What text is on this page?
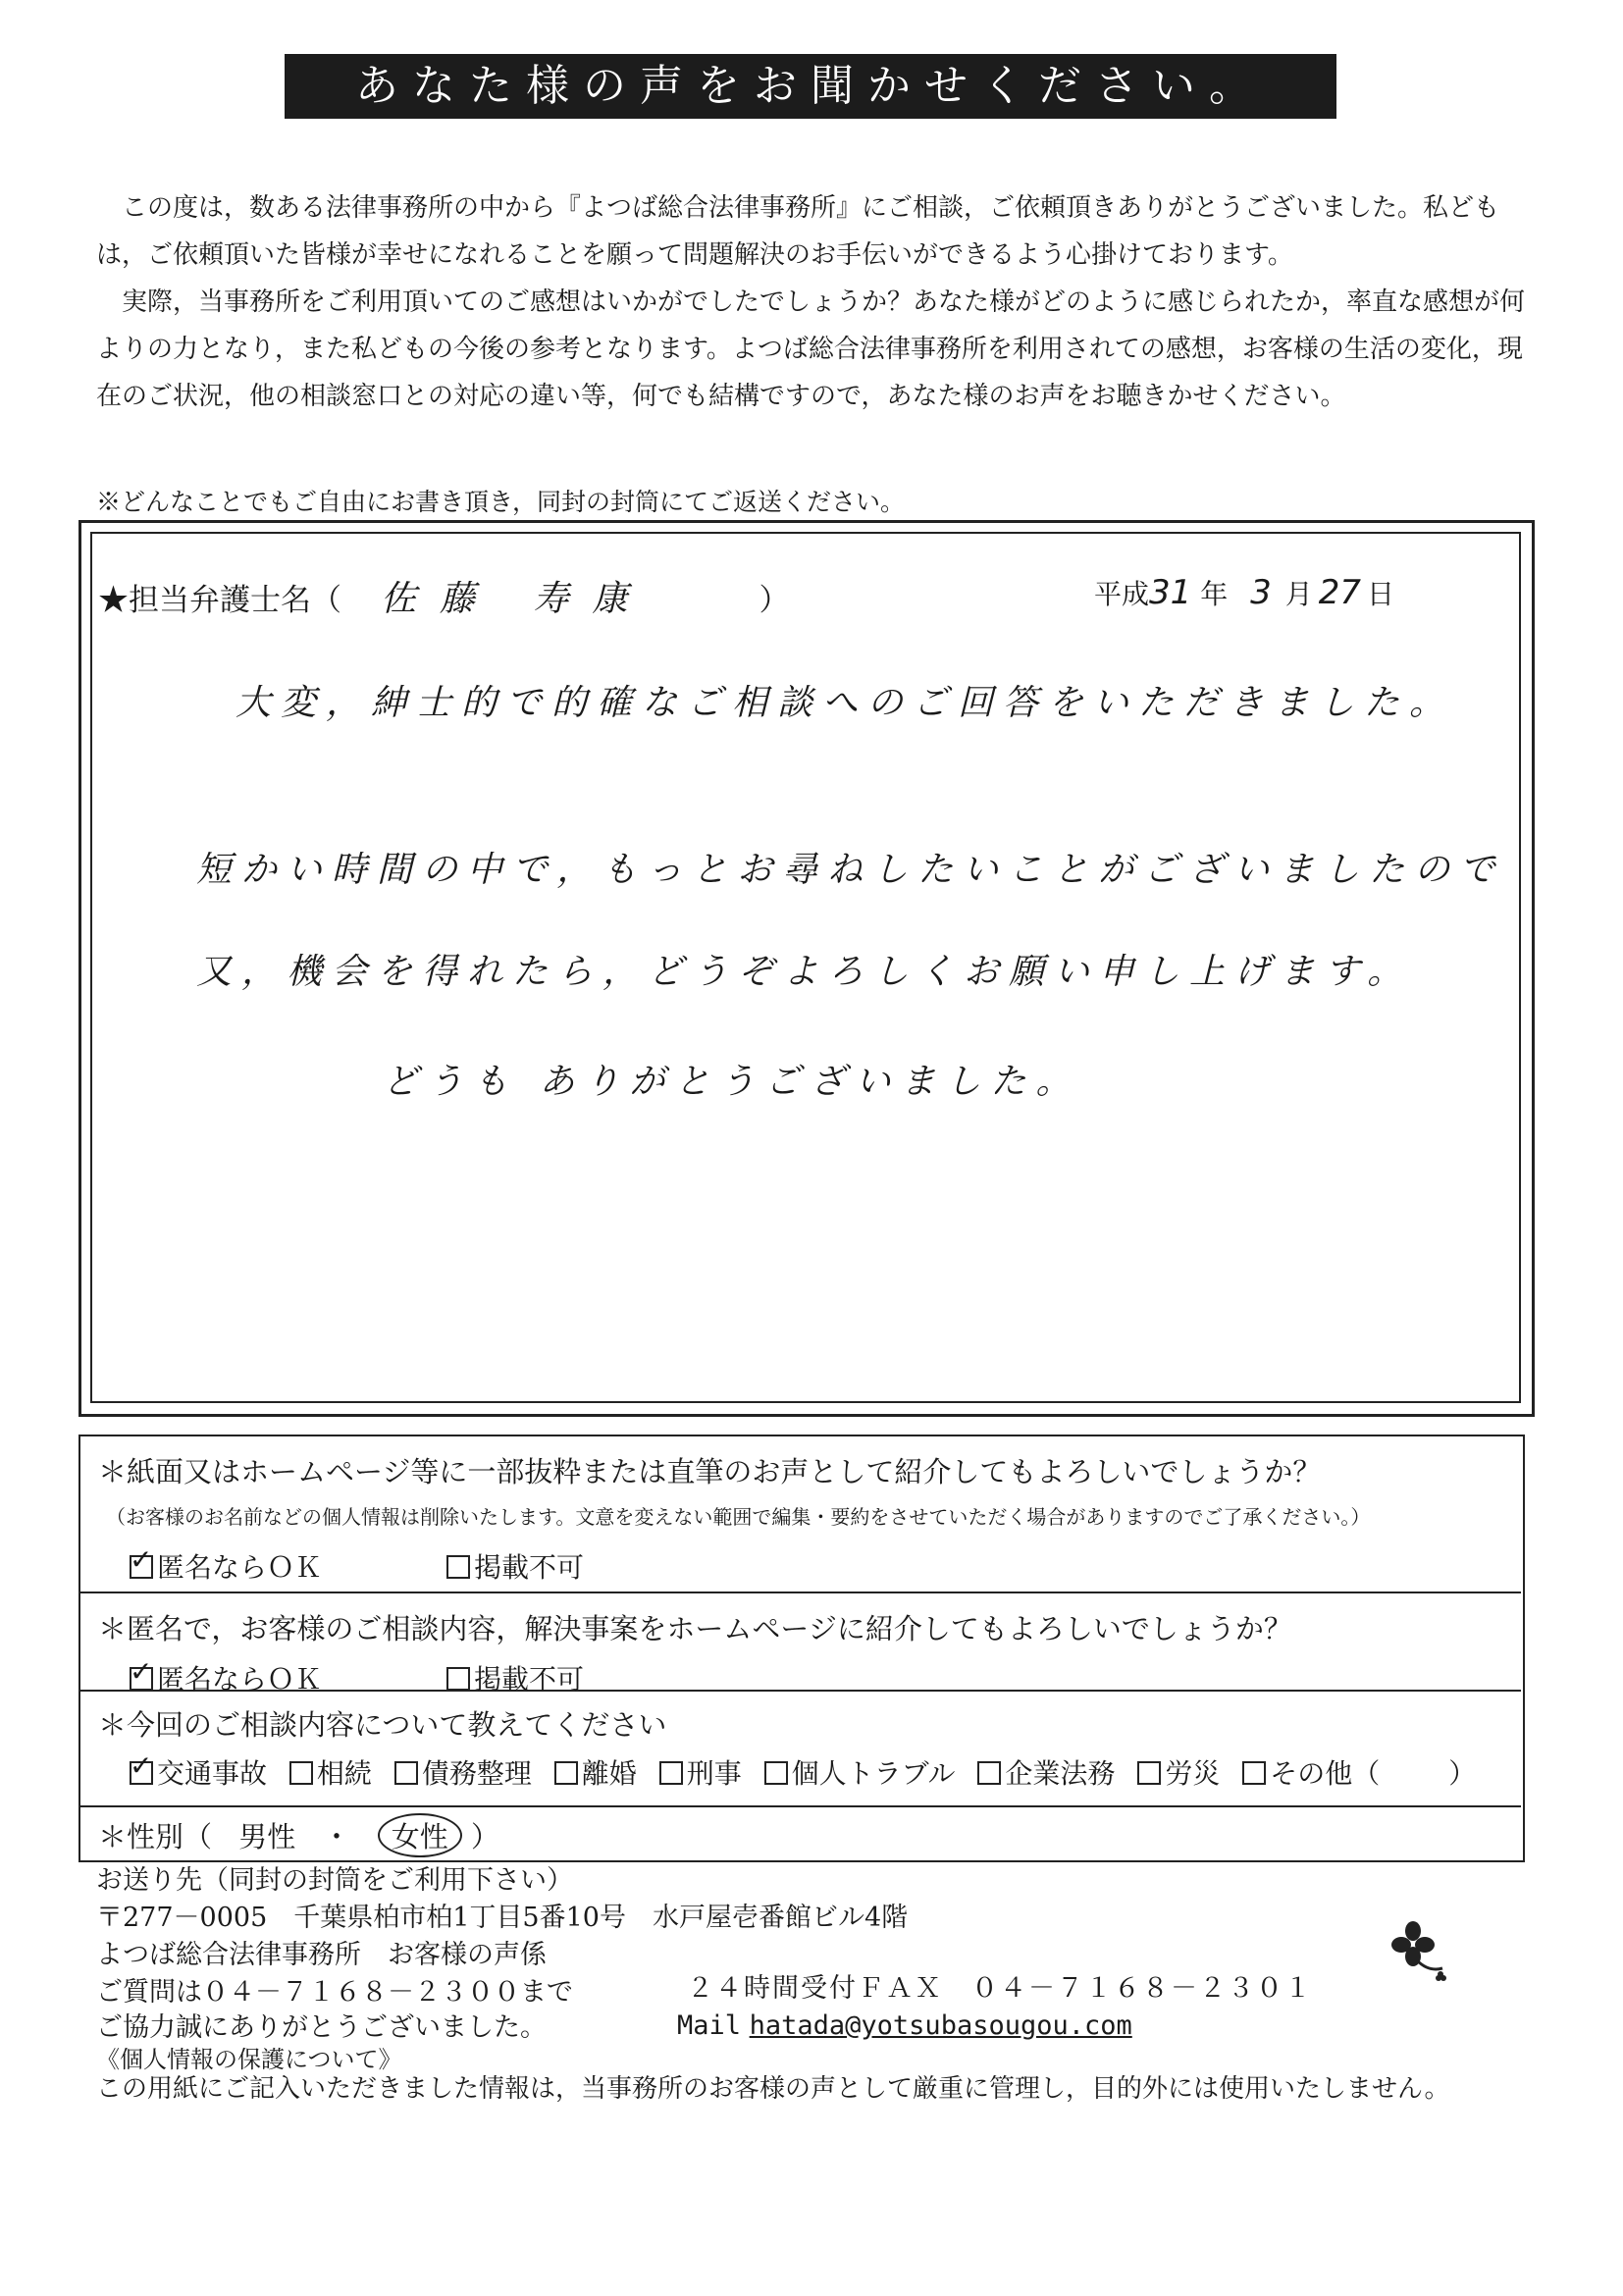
あなた様の声をお聞かせください。

この度は，数ある法律事務所の中から『よつば総合法律事務所』にご相談，ご依頼頂きありがとうございました。私どもは，ご依頼頂いた皆様が幸せになれることを願って問題解決のお手伝いができるよう心掛けております。

実際，当事務所をご利用頂いてのご感想はいかがでしたでしょうか？あなた様がどのように感じられたか，率直な感想が何よりの力となり，また私どもの今後の参考となります。よつば総合法律事務所を利用されての感想，お客様の生活の変化，現在のご状況，他の相談窓口との対応の違い等，何でも結構ですので，あなた様のお声をお聴きかせください。

※どんなことでもご自由にお書き頂き，同封の封筒にてご返送ください。
★担当弁護士名（ 佐藤 寿康	）	平成31 年 3 月 27 日
大変，紳士的で的確なご相談へのご回答をいただきました。
短かい時間の中で，もっとお尋ねしたいことがございましたので
又，機会を得れたら，どうぞよろしくお願い申し上げます。
どうも ありがとうございました。
＊紙面又はホームページ等に一部抜粋または直筆のお声として紹介してもよろしいでしょうか？
（お客様のお名前などの個人情報は削除いたします。文意を変えない範囲で編集・要約をさせていただく場合がありますのでご了承ください。）
✓匿名ならＯＫ	掲載不可
＊匿名で，お客様のご相談内容，解決事案をホームページに紹介してもよろしいでしょうか？
✓匿名ならＯＫ	掲載不可
＊今回のご相談内容について教えてください
✓交通事故 相続 債務整理 離婚 刑事 個人トラブル 企業法務 労災 その他（	）
＊性別（ 男性 ・ 女性 ）
お送り先（同封の封筒をご利用下さい）
〒277－0005　千葉県柏市柏1丁目5番10号　水戸屋壱番館ビル4階
よつば総合法律事務所　お客様の声係
ご質問は０４－７１６８－２３００まで	２４時間受付ＦＡＸ　０４－７１６８－２３０１
ご協力誠にありがとうございました。	Mail hatada@yotsubasougou.com
《個人情報の保護について》
この用紙にご記入いただきました情報は，当事務所のお客様の声として厳重に管理し，目的外には使用いたしません。
